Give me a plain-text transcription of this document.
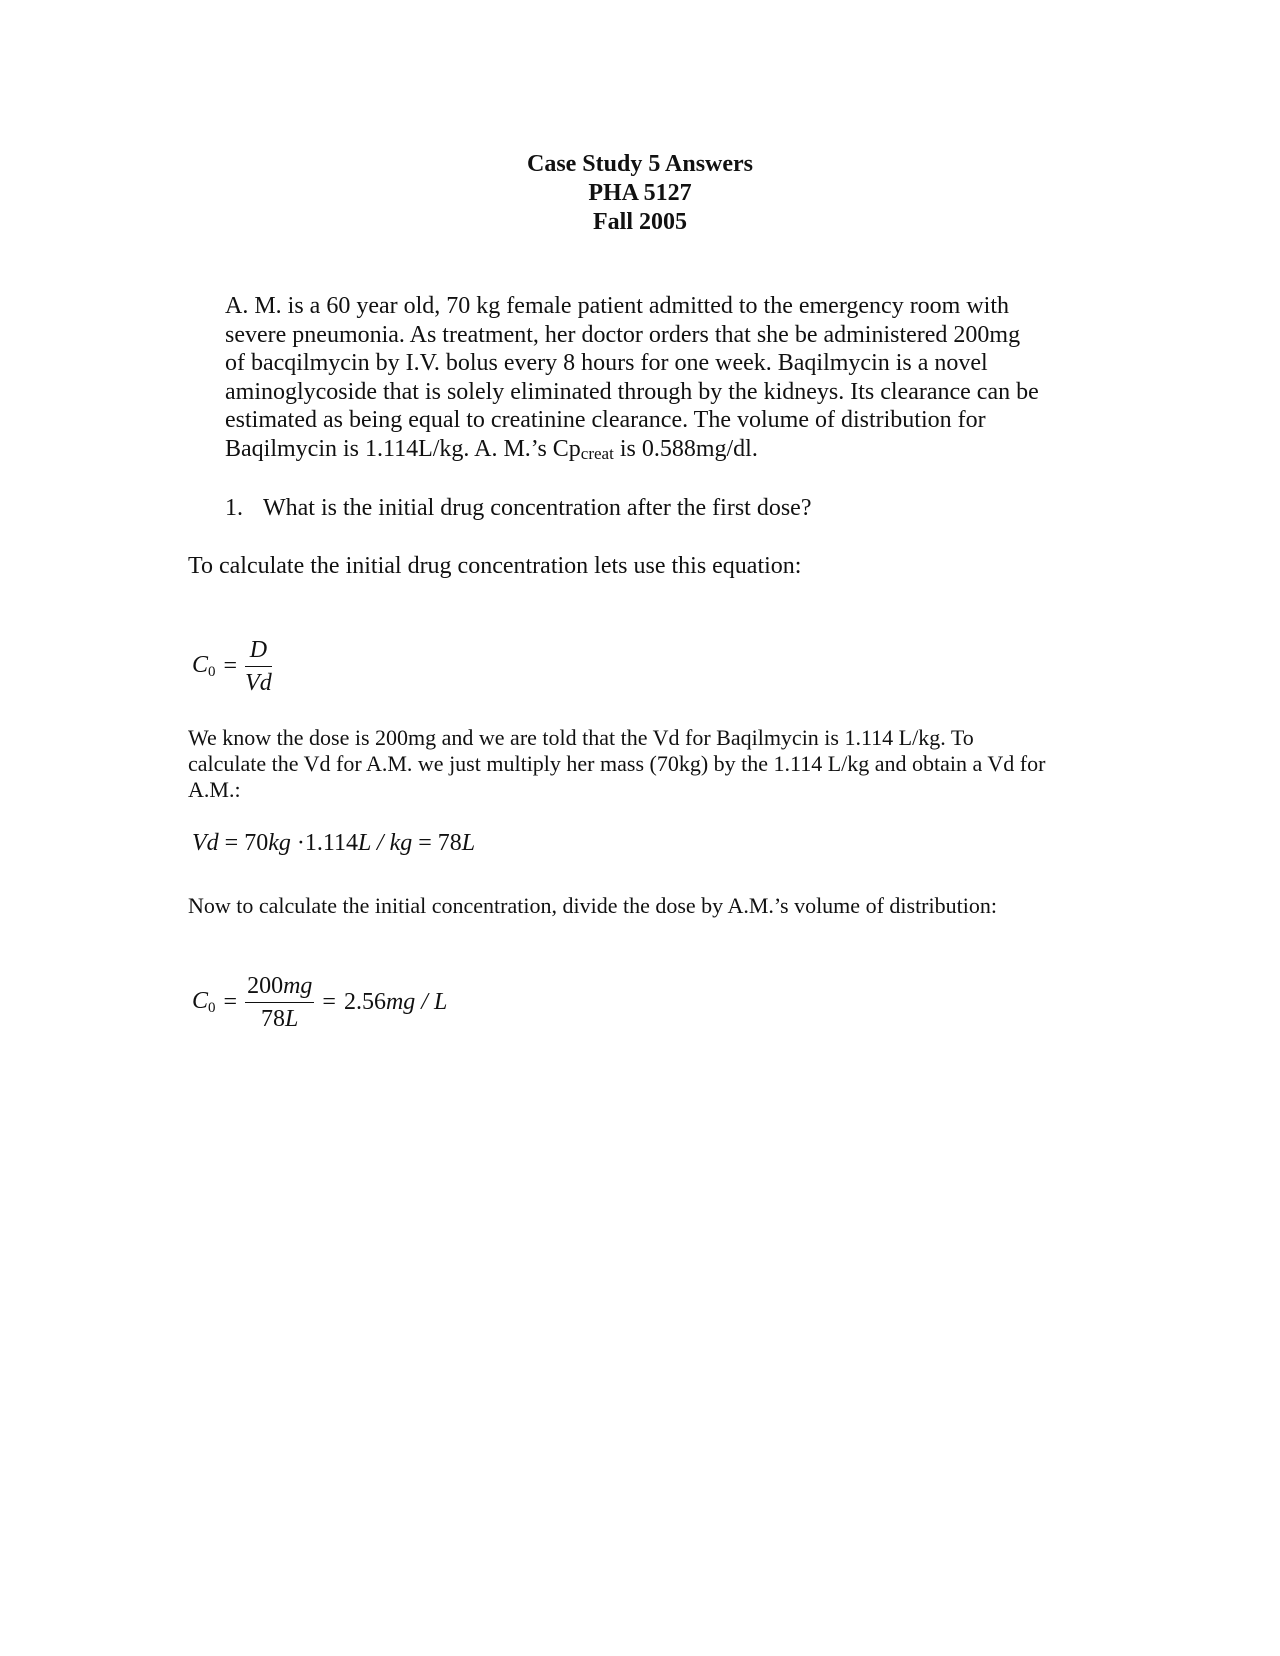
Case Study 5 Answers
PHA 5127
Fall 2005
A. M. is a 60 year old, 70 kg female patient admitted to the emergency room with
severe pneumonia. As treatment, her doctor orders that she be administered 200mg
of bacqilmycin by I.V. bolus every 8 hours for one week. Baqilmycin is a novel
aminoglycoside that is solely eliminated through by the kidneys. Its clearance can be
estimated as being equal to creatinine clearance. The volume of distribution for
Baqilmycin is 1.114L/kg. A. M.’s Cpcreat is 0.588mg/dl.
1. What is the initial drug concentration after the first dose?
To calculate the initial drug concentration lets use this equation:
$C_0 = \frac{D}{Vd}$
We know the dose is 200mg and we are told that the Vd for Baqilmycin is 1.114 L/kg. To
calculate the Vd for A.M. we just multiply her mass (70kg) by the 1.114 L/kg and obtain a Vd for
A.M.:
Vd = 70kg ·1.114L / kg = 78L
Now to calculate the initial concentration, divide the dose by A.M.’s volume of distribution:
$C_0 = \frac{200mg}{78L} = 2.56mg / L$
